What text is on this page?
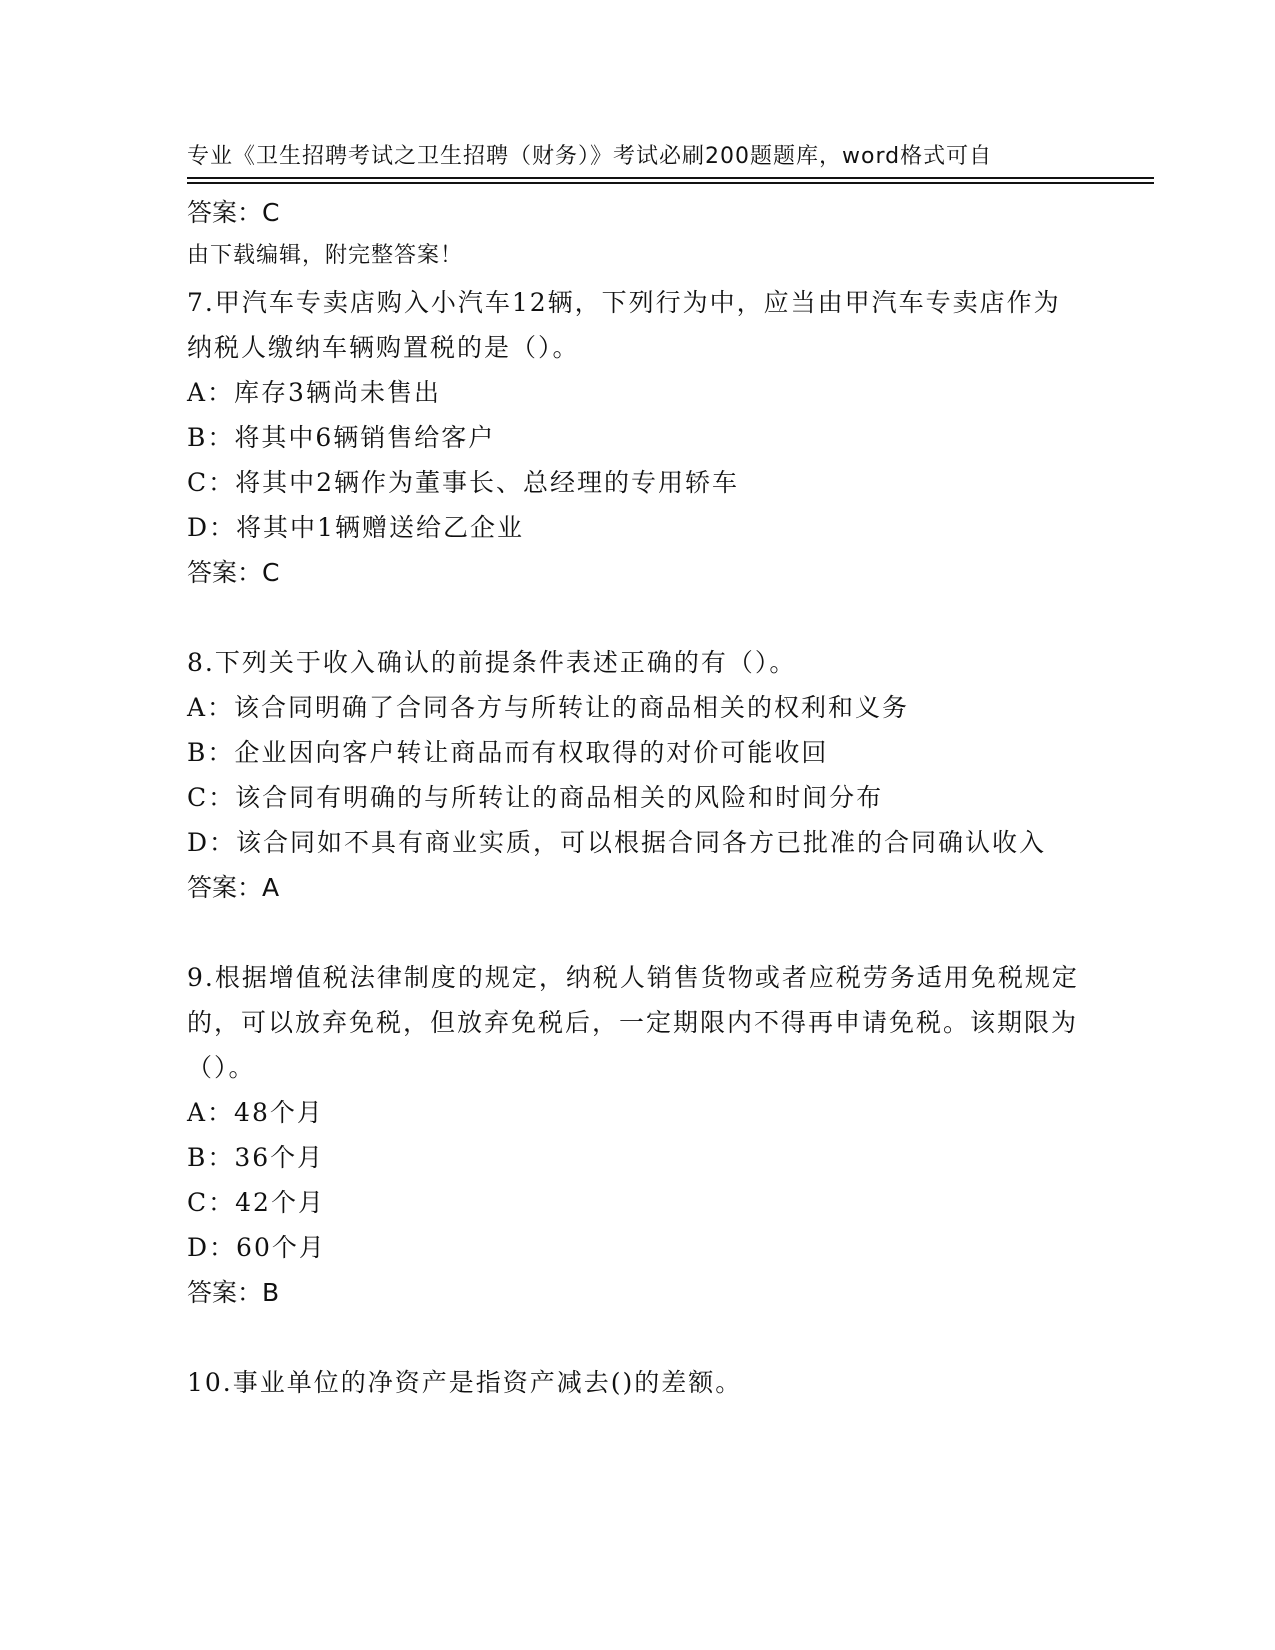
专业《卫生招聘考试之卫生招聘（财务）》考试必刷200题题库，word格式可自

由下载编辑，附完整答案！

答案：C

7.甲汽车专卖店购入小汽车12辆，下列行为中，应当由甲汽车专卖店作为纳税人缴纳车辆购置税的是（）。

A：库存3辆尚未售出

B：将其中6辆销售给客户

C：将其中2辆作为董事长、总经理的专用轿车

D：将其中1辆赠送给乙企业

答案：C

8.下列关于收入确认的前提条件表述正确的有（）。

A：该合同明确了合同各方与所转让的商品相关的权利和义务

B：企业因向客户转让商品而有权取得的对价可能收回

C：该合同有明确的与所转让的商品相关的风险和时间分布

D：该合同如不具有商业实质，可以根据合同各方已批准的合同确认收入

答案：A

9.根据增值税法律制度的规定，纳税人销售货物或者应税劳务适用免税规定的，可以放弃免税，但放弃免税后，一定期限内不得再申请免税。该期限为（）。

A：48个月

B：36个月

C：42个月

D：60个月

答案：B

10.事业单位的净资产是指资产减去()的差额。
